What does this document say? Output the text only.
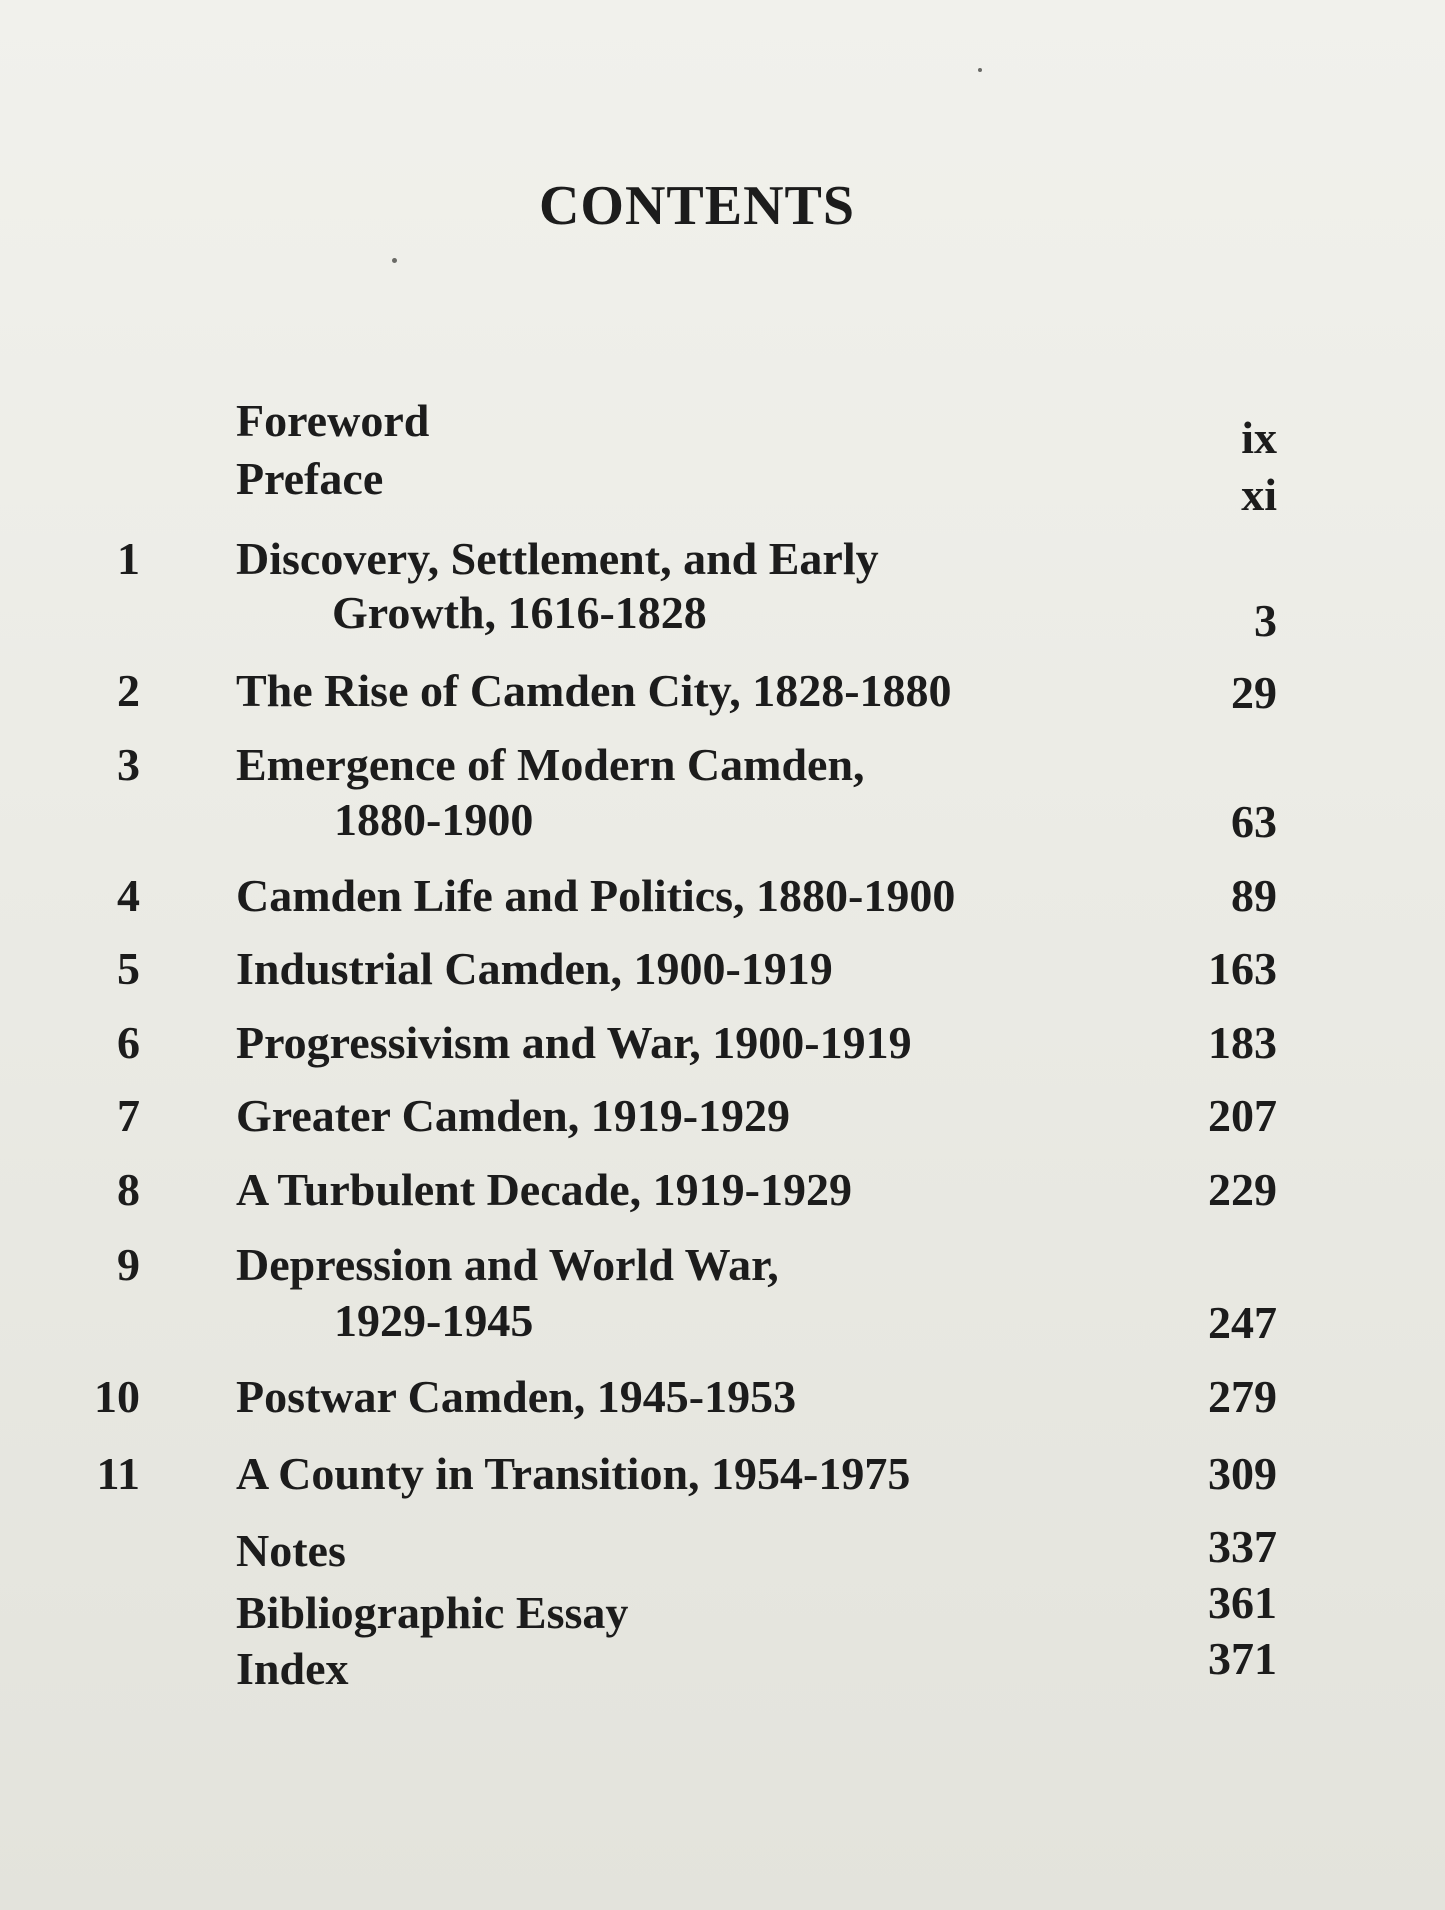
CONTENTS
Foreword	ix
Preface	xi
1 Discovery, Settlement, and Early
Growth, 1616-1828	3
2 The Rise of Camden City, 1828-1880	29
3 Emergence of Modern Camden,
1880-1900	63
4 Camden Life and Politics, 1880-1900	89
5 Industrial Camden, 1900-1919	163
6 Progressivism and War, 1900-1919	183
7 Greater Camden, 1919-1929	207
8 A Turbulent Decade, 1919-1929	229
9 Depression and World War,
1929-1945	247
10 Postwar Camden, 1945-1953	279
11 A County in Transition, 1954-1975	309
Notes	337
Bibliographic Essay	361
Index	371
